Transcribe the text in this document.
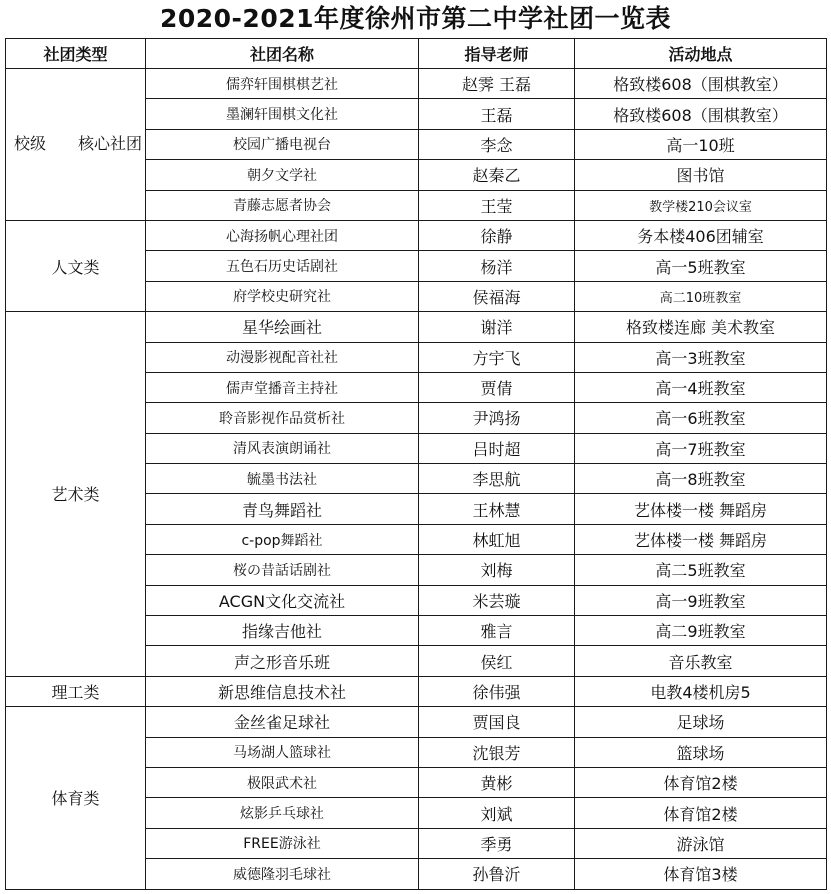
2020-2021年度徐州市第二中学社团一览表
社团类型	社团名称	指导老师	活动地点
校级　　核心社团	儒弈轩围棋棋艺社	赵霁 王磊	格致楼608（围棋教室）
	墨澜轩围棋文化社	王磊	格致楼608（围棋教室）
	校园广播电视台	李念	高一10班
	朝夕文学社	赵秦乙	图书馆
	青藤志愿者协会	王莹	教学楼210会议室
人文类	心海扬帆心理社团	徐静	务本楼406团辅室
	五色石历史话剧社	杨洋	高一5班教室
	府学校史研究社	侯福海	高二10班教室
艺术类	星华绘画社	谢洋	格致楼连廊 美术教室
	动漫影视配音社社	方宇飞	高一3班教室
	儒声堂播音主持社	贾倩	高一4班教室
	聆音影视作品赏析社	尹鸿扬	高一6班教室
	清风表演朗诵社	吕时超	高一7班教室
	毓墨书法社	李思航	高一8班教室
	青鸟舞蹈社	王林慧	艺体楼一楼 舞蹈房
	c-pop舞蹈社	林虹旭	艺体楼一楼 舞蹈房
	桜の昔話话剧社	刘梅	高二5班教室
	ACGN文化交流社	米芸璇	高一9班教室
	指缘吉他社	雅言	高二9班教室
	声之形音乐班	侯红	音乐教室
理工类	新思维信息技术社	徐伟强	电教4楼机房5
体育类	金丝雀足球社	贾国良	足球场
	马场湖人篮球社	沈银芳	篮球场
	极限武术社	黄彬	体育馆2楼
	炫影乒乓球社	刘斌	体育馆2楼
	FREE游泳社	季勇	游泳馆
	威德隆羽毛球社	孙鲁沂	体育馆3楼
